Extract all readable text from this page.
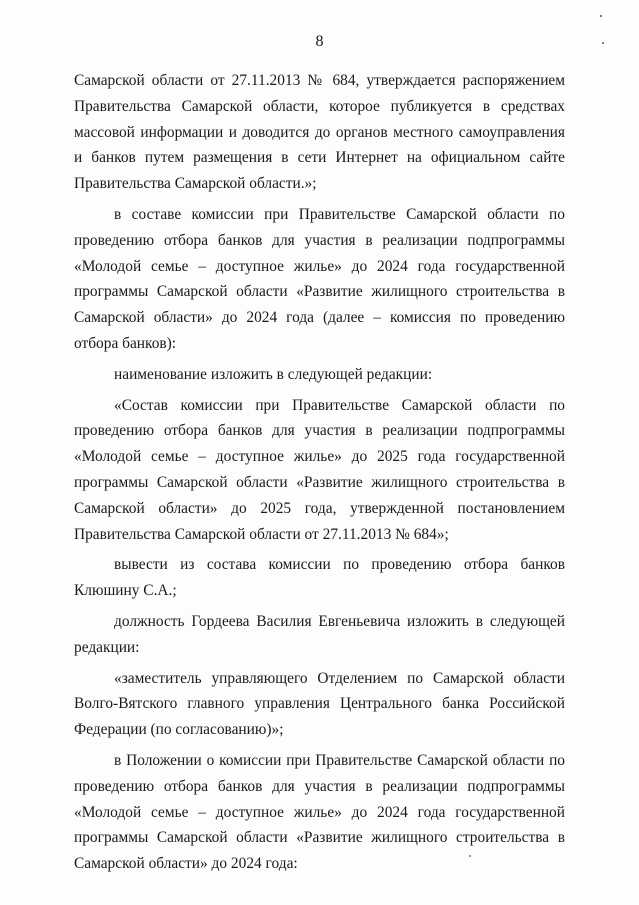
8

Самарской области от 27.11.2013 № 684, утверждается распоряжением Правительства Самарской области, которое публикуется в средствах массовой информации и доводится до органов местного самоуправления и банков путем размещения в сети Интернет на официальном сайте Правительства Самарской области.»;

в составе комиссии при Правительстве Самарской области по проведению отбора банков для участия в реализации подпрограммы «Молодой семье – доступное жилье» до 2024 года государственной программы Самарской области «Развитие жилищного строительства в Самарской области» до 2024 года (далее – комиссия по проведению отбора банков):

наименование изложить в следующей редакции:

«Состав комиссии при Правительстве Самарской области по проведению отбора банков для участия в реализации подпрограммы «Молодой семье – доступное жилье» до 2025 года государственной программы Самарской области «Развитие жилищного строительства в Самарской области» до 2025 года, утвержденной постановлением Правительства Самарской области от 27.11.2013 № 684»;

вывести из состава комиссии по проведению отбора банков Клюшину С.А.;

должность Гордеева Василия Евгеньевича изложить в следующей редакции:

«заместитель управляющего Отделением по Самарской области Волго-Вятского главного управления Центрального банка Российской Федерации (по согласованию)»;

в Положении о комиссии при Правительстве Самарской области по проведению отбора банков для участия в реализации подпрограммы «Молодой семье – доступное жилье» до 2024 года государственной программы Самарской области «Развитие жилищного строительства в Самарской области» до 2024 года:
